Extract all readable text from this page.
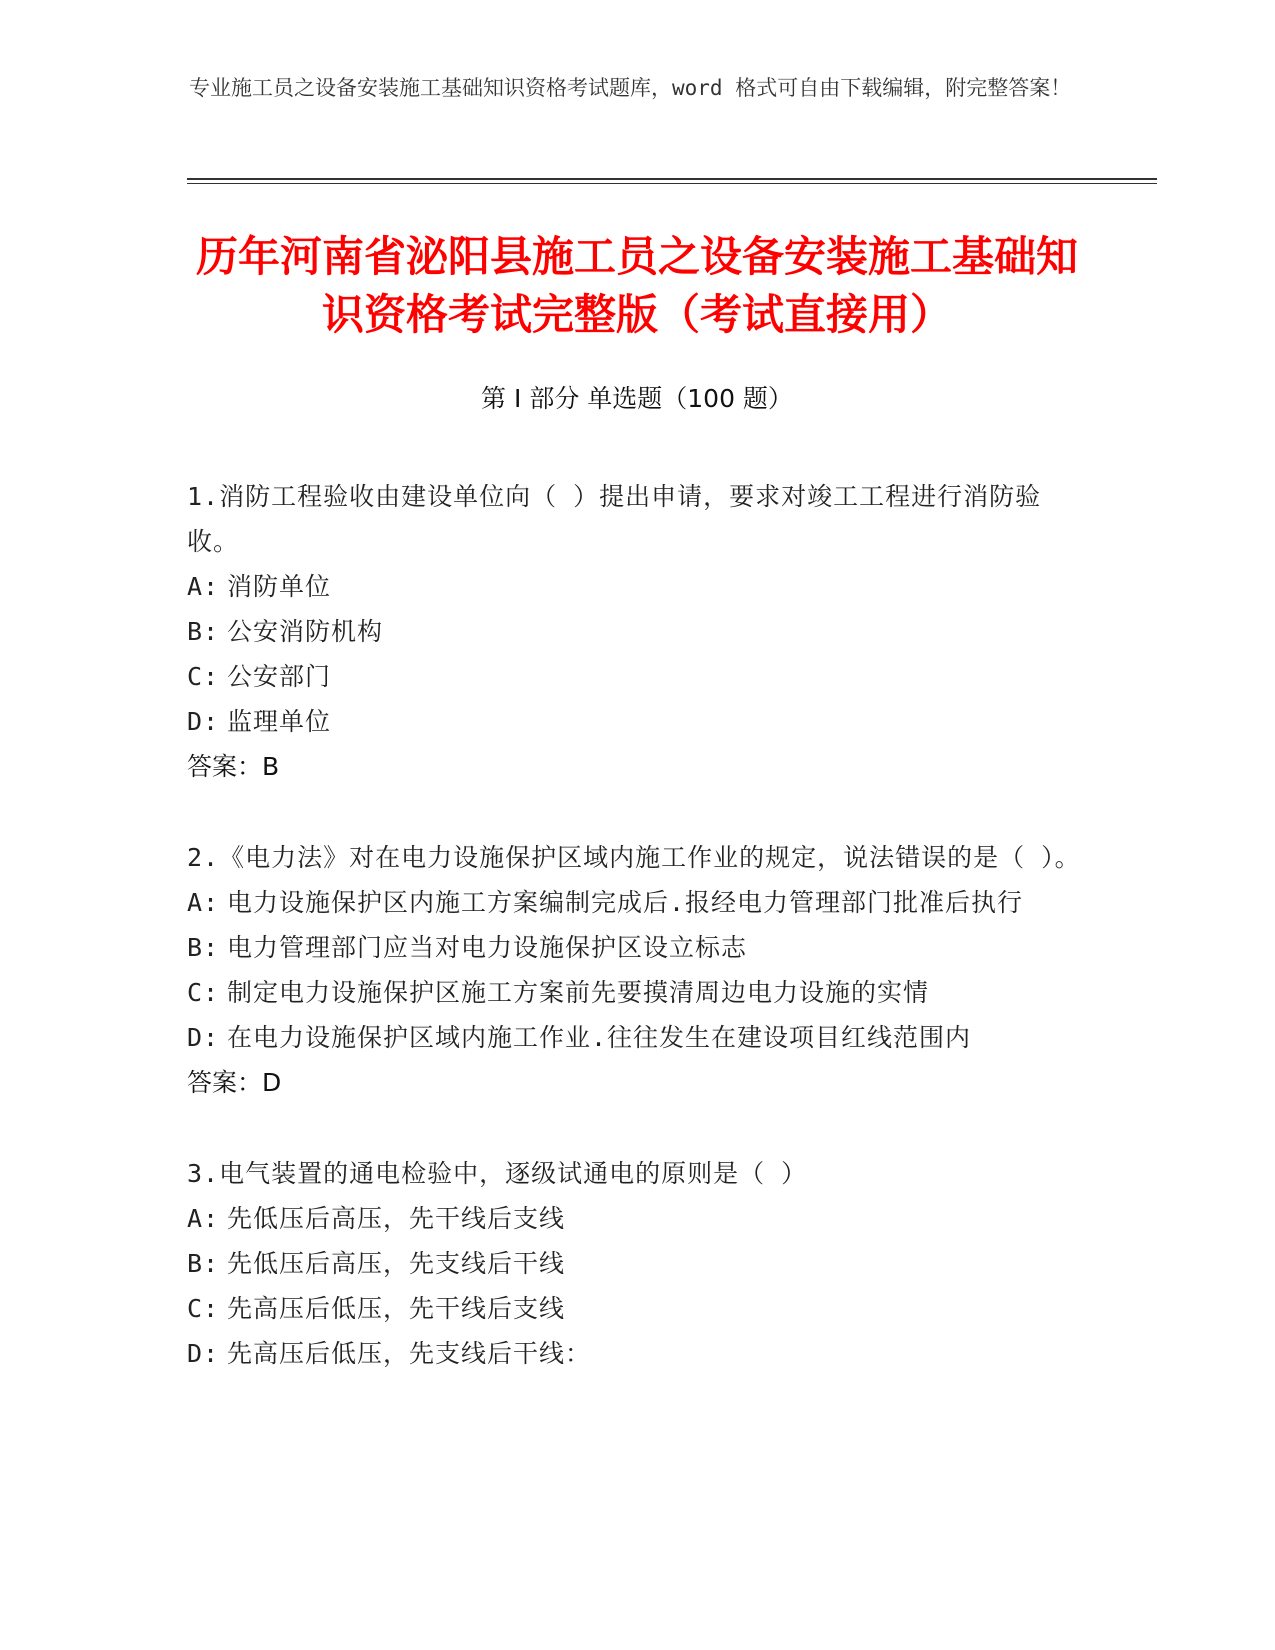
专业施工员之设备安装施工基础知识资格考试题库，word 格式可自由下载编辑，附完整答案！
历年河南省泌阳县施工员之设备安装施工基础知识资格考试完整版（考试直接用）
第 I 部分 单选题（100 题）
1.消防工程验收由建设单位向（ ）提出申请，要求对竣工工程进行消防验收。
A: 消防单位
B: 公安消防机构
C: 公安部门
D: 监理单位
答案：B
2.《电力法》对在电力设施保护区域内施工作业的规定，说法错误的是（ ）。
A: 电力设施保护区内施工方案编制完成后.报经电力管理部门批准后执行
B: 电力管理部门应当对电力设施保护区设立标志
C: 制定电力设施保护区施工方案前先要摸清周边电力设施的实情
D: 在电力设施保护区域内施工作业.往往发生在建设项目红线范围内
答案：D
3.电气装置的通电检验中，逐级试通电的原则是（ ）
A: 先低压后高压，先干线后支线
B: 先低压后高压，先支线后干线
C: 先高压后低压，先干线后支线
D: 先高压后低压，先支线后干线：
